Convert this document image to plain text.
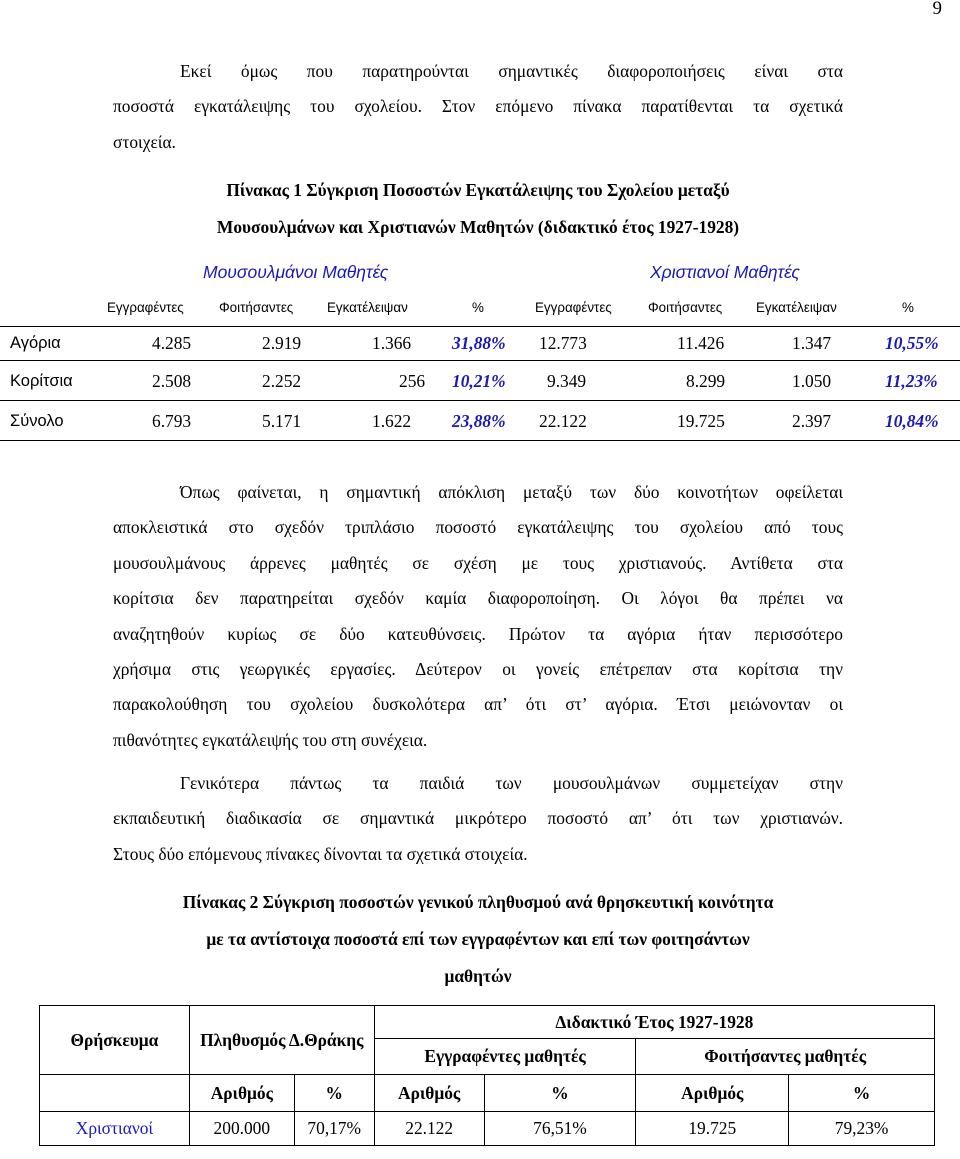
9
Εκεί όμως που παρατηρούνται σημαντικές διαφοροποιήσεις είναι στα
ποσοστά εγκατάλειψης του σχολείου. Στον επόμενο πίνακα παρατίθενται τα σχετικά
στοιχεία.
Πίνακας 1 Σύγκριση Ποσοστών Εγκατάλειψης του Σχολείου μεταξύ
Μουσουλμάνων και Χριστιανών Μαθητών (διδακτικό έτος 1927-1928)
Μουσουλμάνοι Μαθητές	Χριστιανοί Μαθητές
Εγγραφέντες	Φοιτήσαντες	Εγκατέλειψαν	%	Εγγραφέντες	Φοιτήσαντες	Εγκατέλειψαν	%
Αγόρια	4.285	2.919	1.366 31,88% 12.773	11.426	1.347	10,55%
Κορίτσια	2.508	2.252	256 10,21% 9.349	8.299	1.050	11,23%
Σύνολο	6.793	5.171	1.622 23,88% 22.122	19.725	2.397	10,84%
Όπως φαίνεται, η σημαντική απόκλιση μεταξύ των δύο κοινοτήτων οφείλεται
αποκλειστικά στο σχεδόν τριπλάσιο ποσοστό εγκατάλειψης του σχολείου από τους
μουσουλμάνους άρρενες μαθητές σε σχέση με τους χριστιανούς. Αντίθετα στα
κορίτσια δεν παρατηρείται σχεδόν καμία διαφοροποίηση. Οι λόγοι θα πρέπει να
αναζητηθούν κυρίως σε δύο κατευθύνσεις. Πρώτον τα αγόρια ήταν περισσότερο
χρήσιμα στις γεωργικές εργασίες. Δεύτερον οι γονείς επέτρεπαν στα κορίτσια την
παρακολούθηση του σχολείου δυσκολότερα απ’ ότι στ’ αγόρια. Έτσι μειώνονταν οι
πιθανότητες εγκατάλειψής του στη συνέχεια.
Γενικότερα πάντως τα παιδιά των μουσουλμάνων συμμετείχαν στην
εκπαιδευτική διαδικασία σε σημαντικά μικρότερο ποσοστό απ’ ότι των χριστιανών.
Στους δύο επόμενους πίνακες δίνονται τα σχετικά στοιχεία.
Πίνακας 2 Σύγκριση ποσοστών γενικού πληθυσμού ανά θρησκευτική κοινότητα
με τα αντίστοιχα ποσοστά επί των εγγραφέντων και επί των φοιτησάντων
μαθητών
Θρήσκευμα	Πληθυσμός Δ.Θράκης		Διδακτικό Έτος 1927-1928			
			Εγγραφέντες μαθητές		Φοιτήσαντες μαθητές	
	Αριθμός	%	Αριθμός	%	Αριθμός	%
Χριστιανοί	200.000	70,17%	22.122	76,51%	19.725	79,23%
